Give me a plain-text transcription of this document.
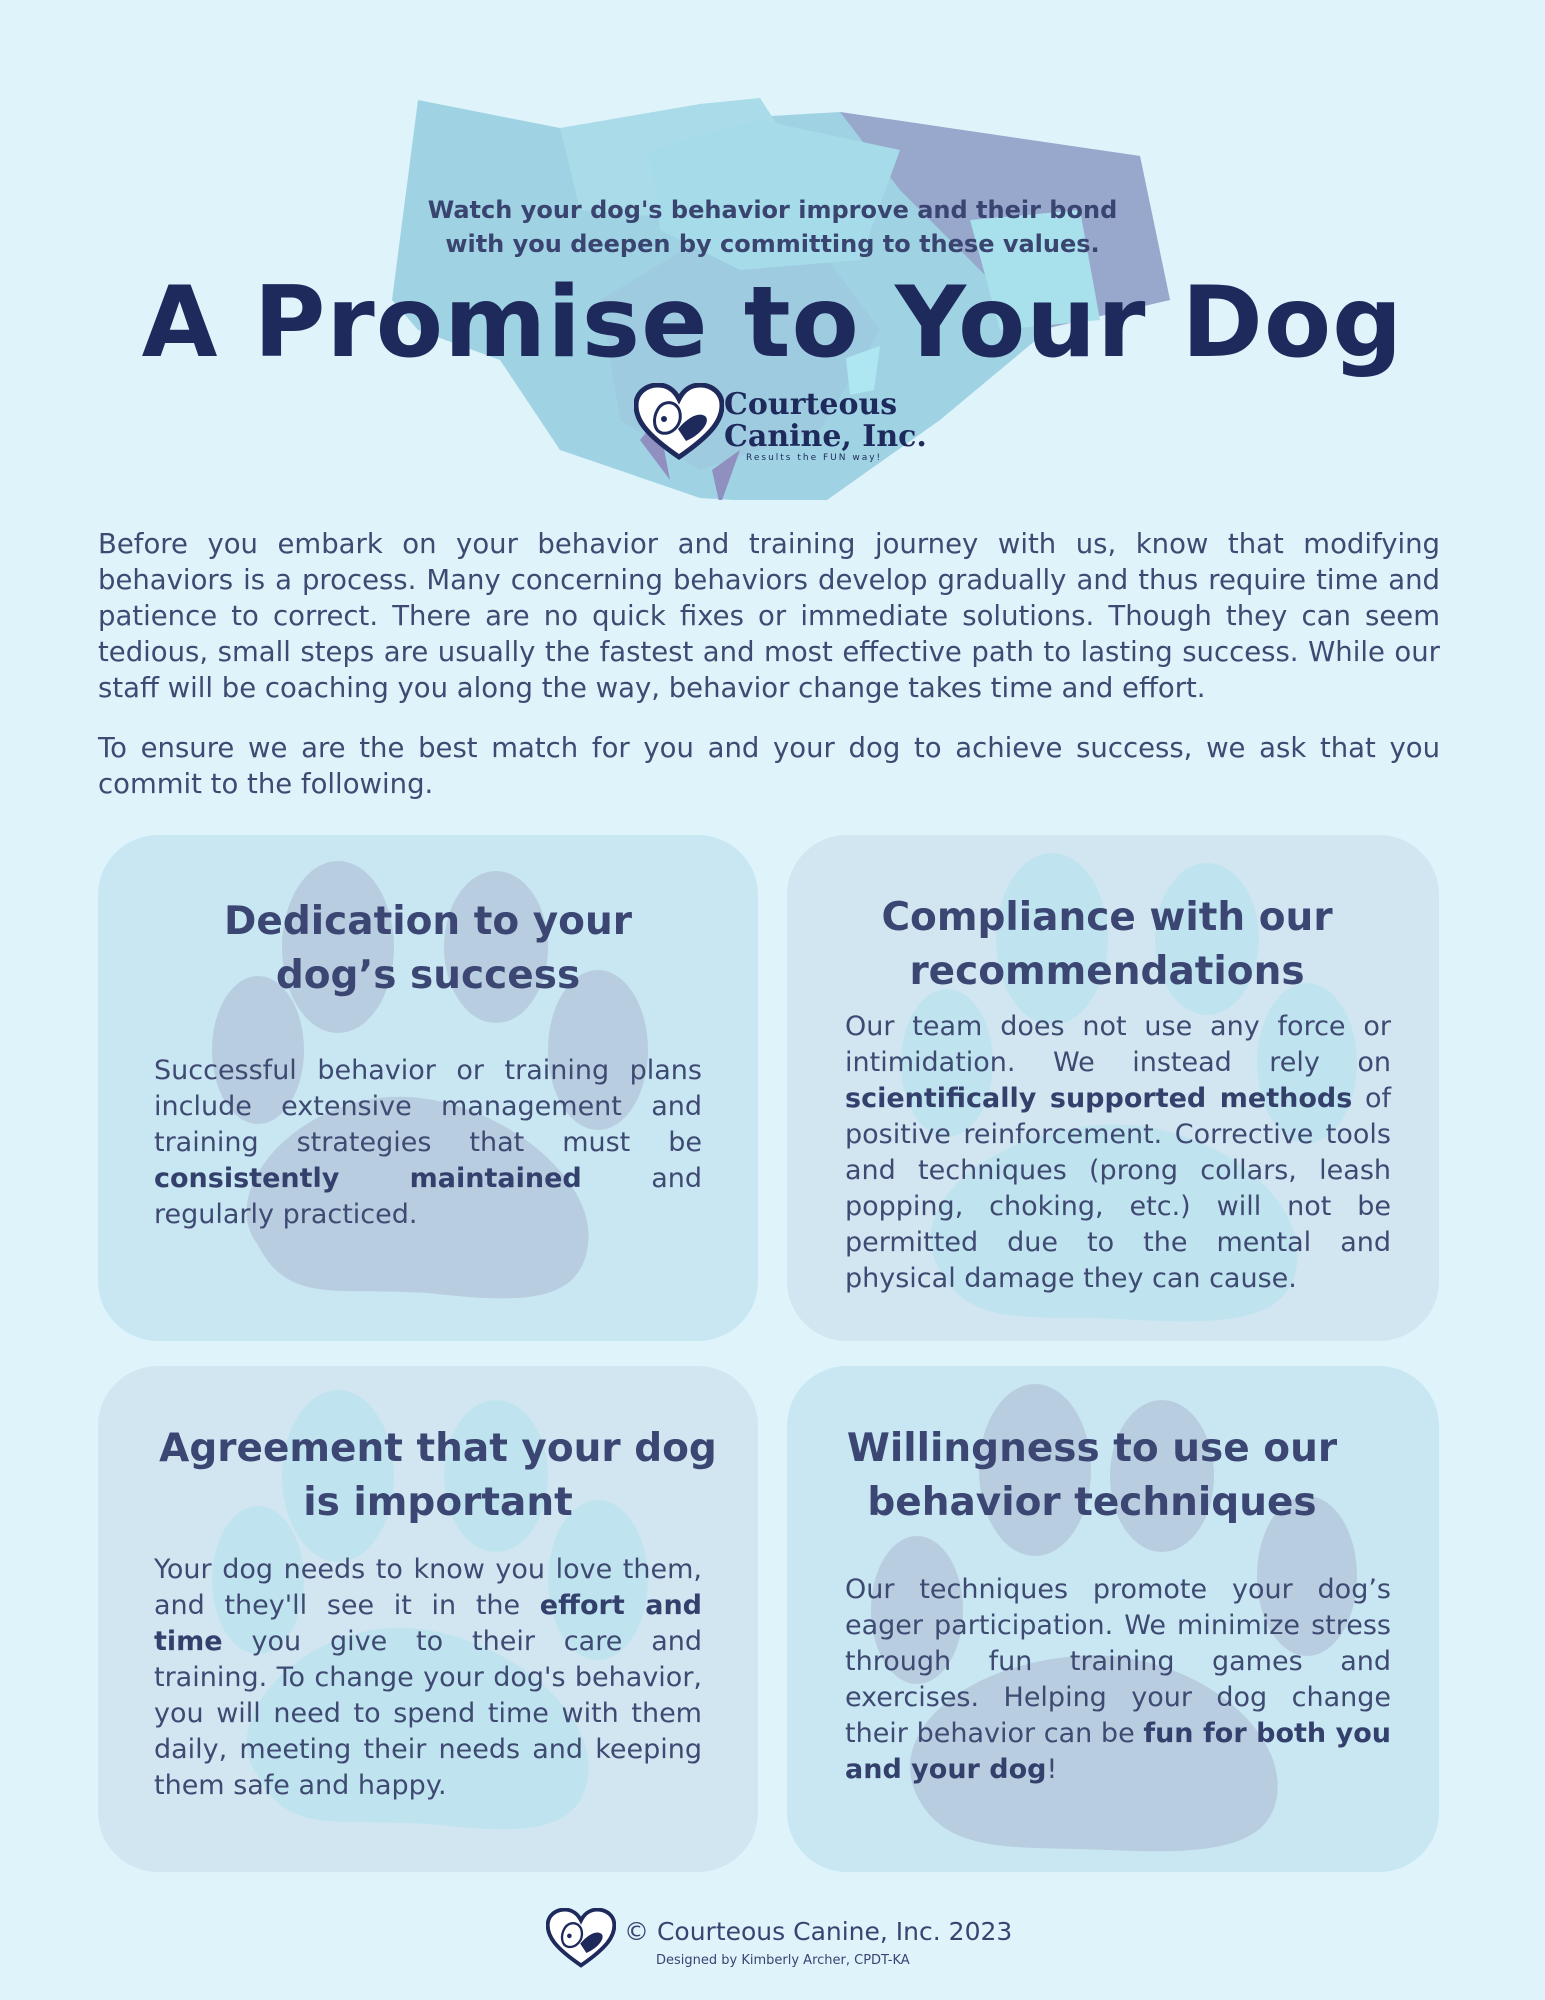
Watch your dog's behavior improve and their bond
with you deepen by committing to these values.
A Promise to Your Dog
Courteous
Canine, Inc.
Results the FUN way!

Before you embark on your behavior and training journey with us, know that modifying behaviors is a process. Many concerning behaviors develop gradually and thus require time and patience to correct. There are no quick fixes or immediate solutions. Though they can seem tedious, small steps are usually the fastest and most effective path to lasting success. While our staff will be coaching you along the way, behavior change takes time and effort.

To ensure we are the best match for you and your dog to achieve success, we ask that you commit to the following.

Dedication to your
dog’s success
Successful behavior or training plans include extensive management and training strategies that must be consistently maintained and regularly practiced.
Compliance with our
recommendations
Our team does not use any force or intimidation. We instead rely on scientifically supported methods of positive reinforcement. Corrective tools and techniques (prong collars, leash popping, choking, etc.) will not be permitted due to the mental and physical damage they can cause.
Agreement that your dog
is important
Your dog needs to know you love them, and they'll see it in the effort and time you give to their care and training. To change your dog's behavior, you will need to spend time with them daily, meeting their needs and keeping them safe and happy.
Willingness to use our
behavior techniques
Our techniques promote your dog’s eager participation. We minimize stress through fun training games and exercises. Helping your dog change their behavior can be fun for both you and your dog!
© Courteous Canine, Inc. 2023
Designed by Kimberly Archer, CPDT-KA
